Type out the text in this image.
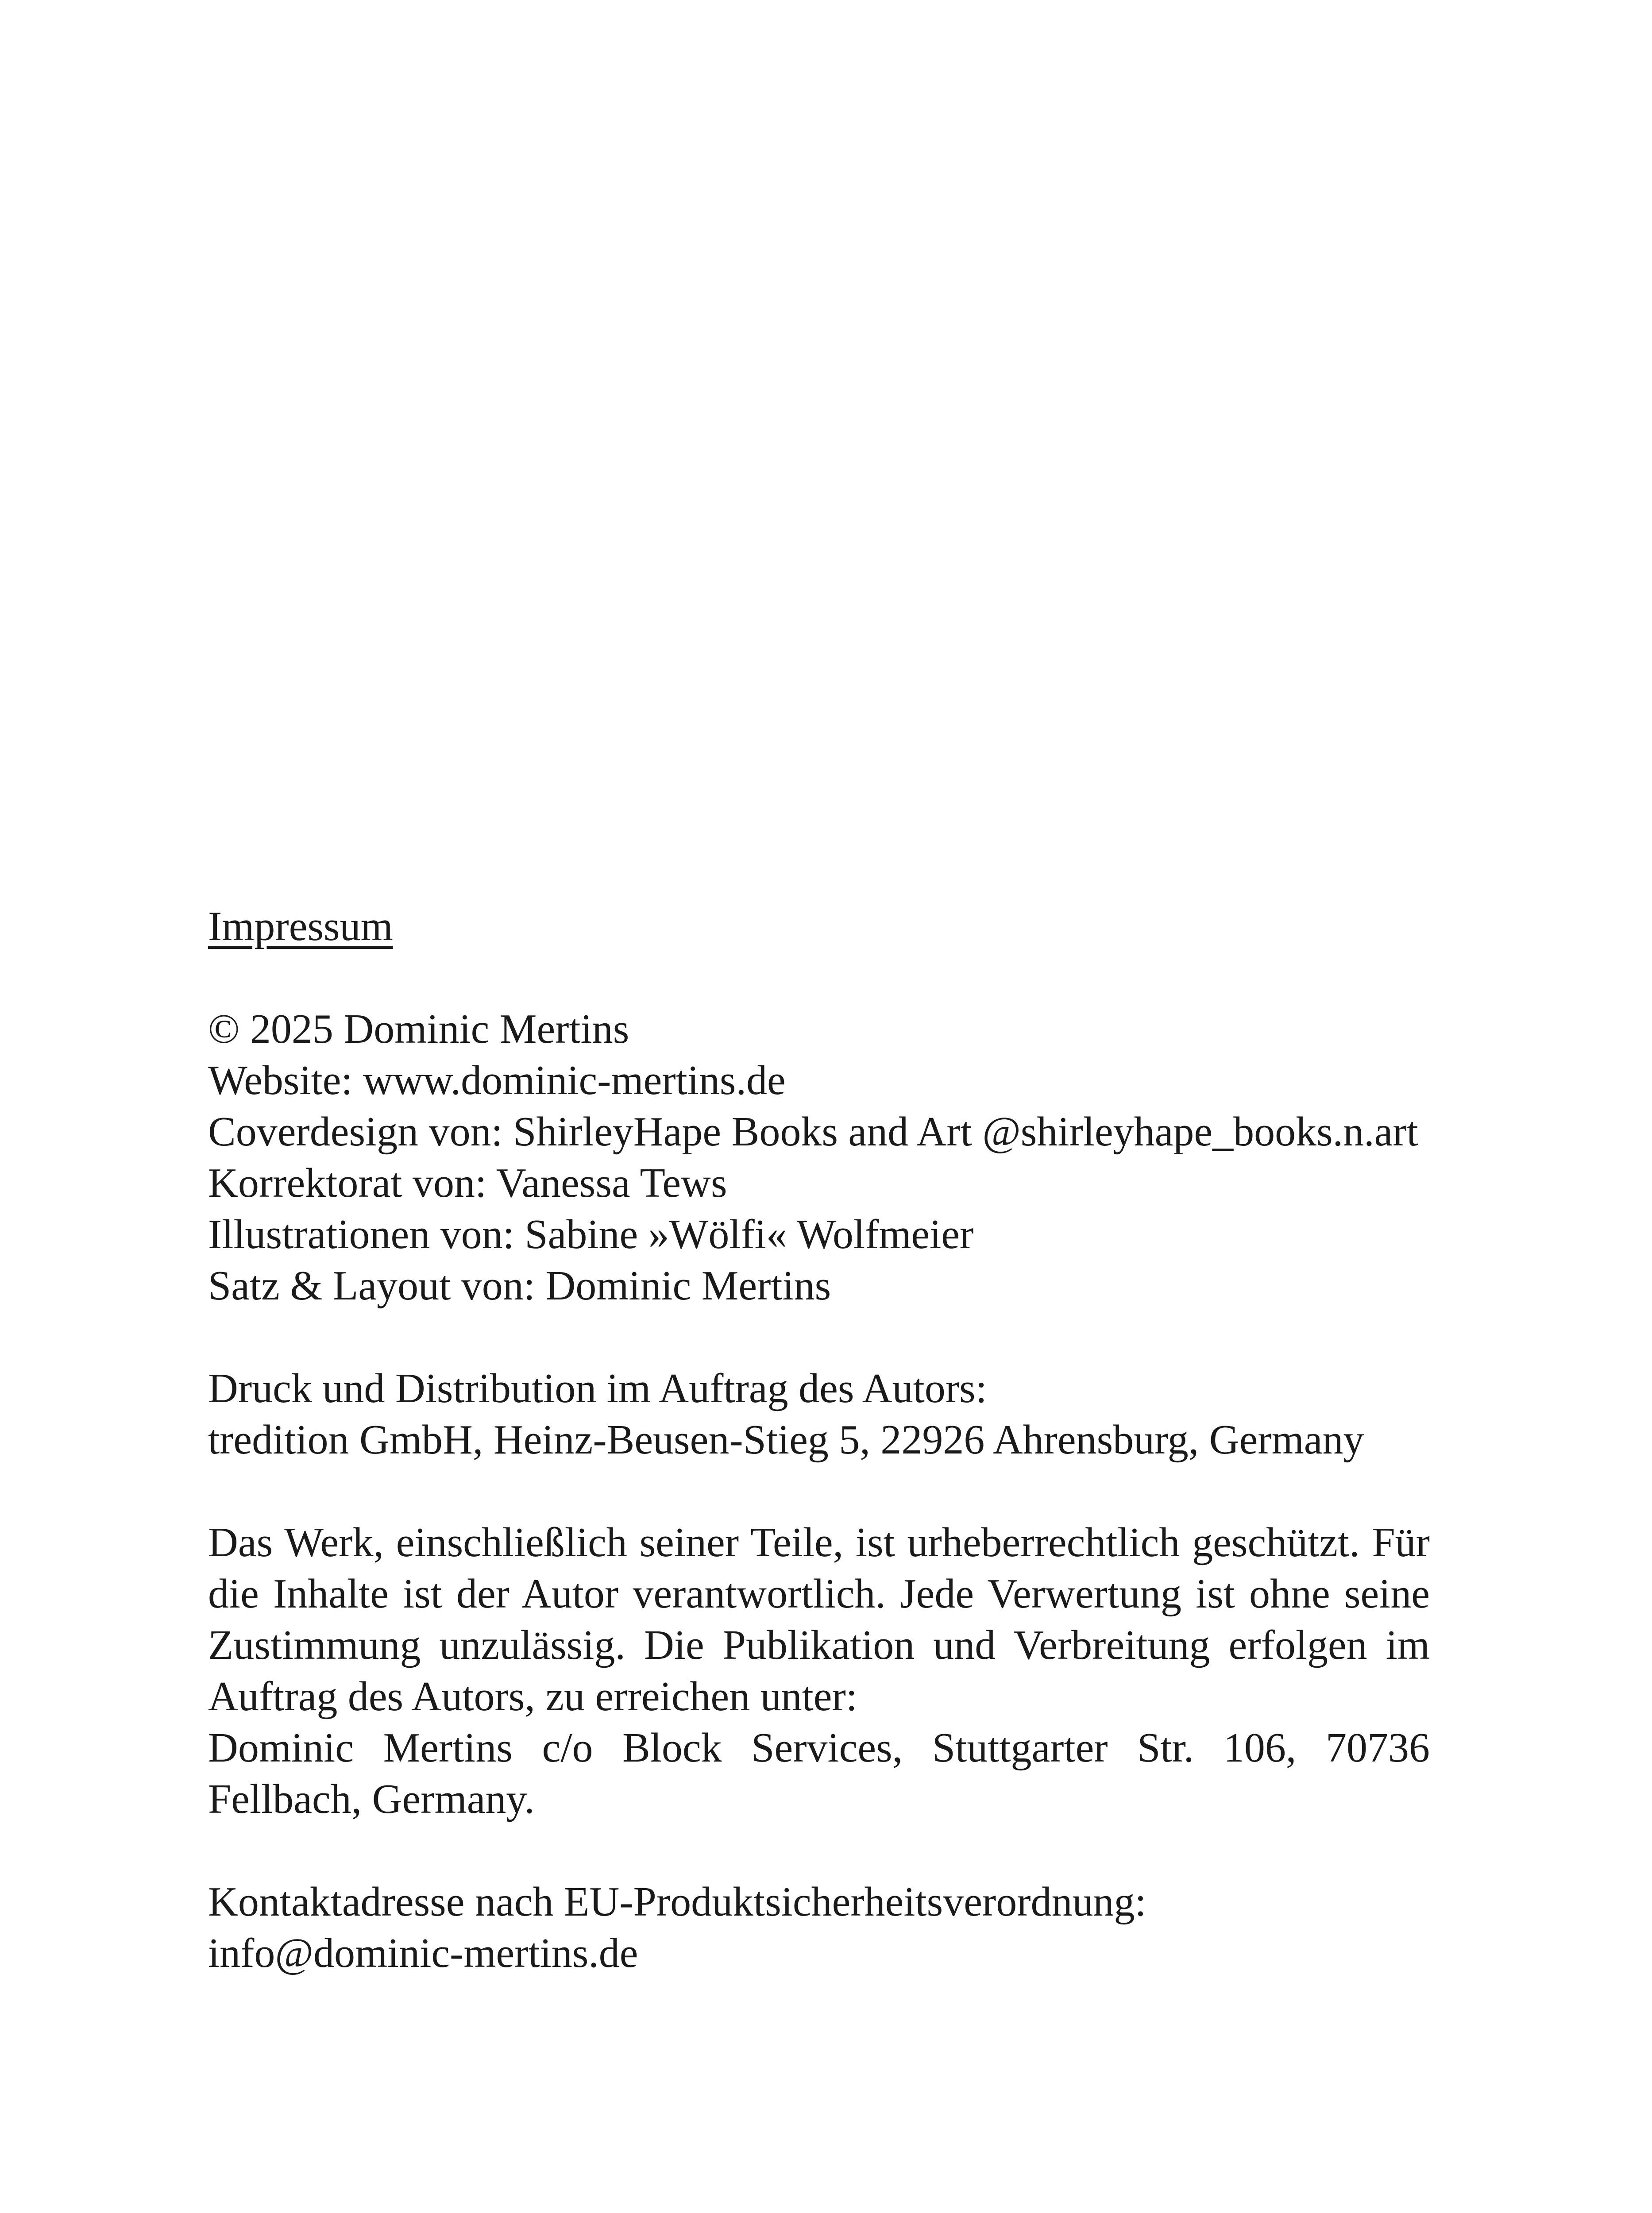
Impressum

© 2025 Dominic Mertins
Website: www.dominic-mertins.de
Coverdesign von: ShirleyHape Books and Art @shirleyhape_books.n.art
Korrektorat von: Vanessa Tews
Illustrationen von: Sabine »Wölfi« Wolfmeier
Satz & Layout von: Dominic Mertins
Druck und Distribution im Auftrag des Autors:
tredition GmbH, Heinz-Beusen-Stieg 5, 22926 Ahrensburg, Germany
Das Werk, einschließlich seiner Teile, ist urheberrechtlich geschützt. Für die Inhalte ist der Autor verantwortlich. Jede Verwertung ist ohne seine Zustimmung unzulässig. Die Publikation und Verbreitung erfolgen im Auftrag des Autors, zu erreichen unter:
Dominic Mertins c/o Block Services, Stuttgarter Str. 106, 70736 Fellbach, Germany.
Kontaktadresse nach EU-Produktsicherheitsverordnung:
info@dominic-mertins.de
